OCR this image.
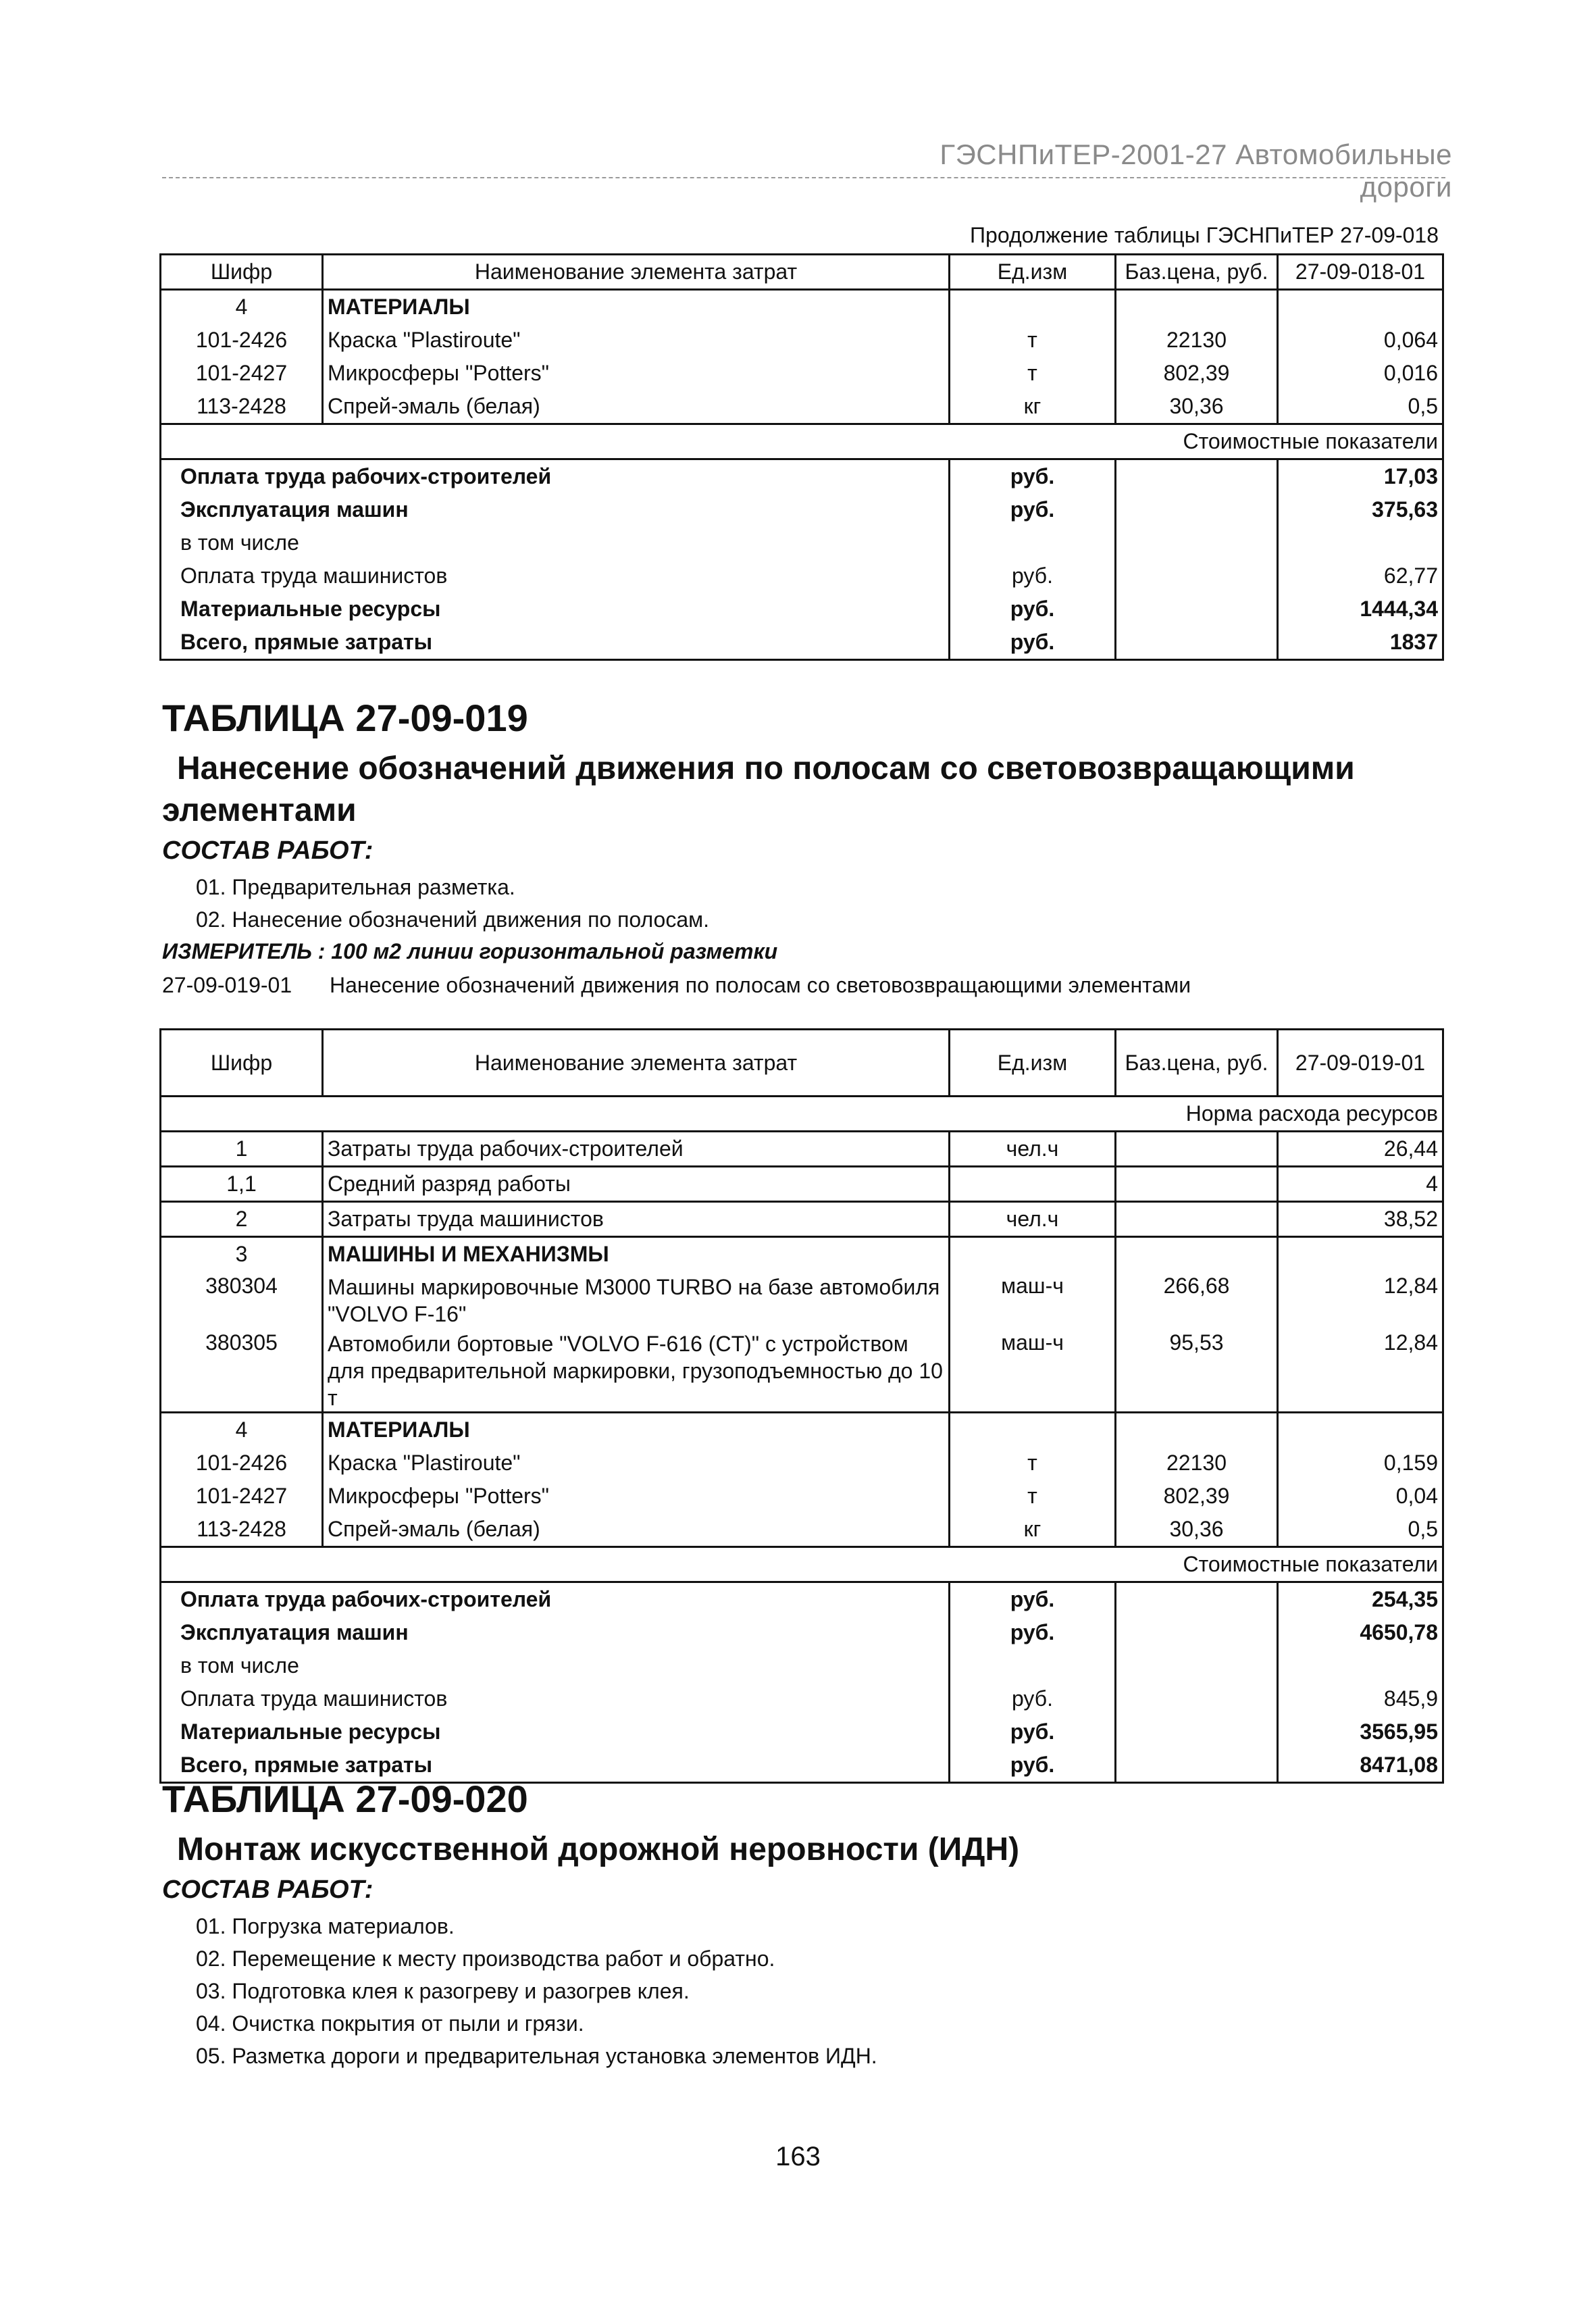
ГЭСНПиТЕР-2001-27 Автомобильные дороги
Продолжение таблицы ГЭСНПиТЕР 27-09-018
Шифр	Наименование элемента затрат	Ед.изм	Баз.цена, руб.	27-09-018-01
4	МАТЕРИАЛЫ			
101-2426	Краска "Plastiroute"	т	22130	0,064
101-2427	Микросферы "Potters"	т	802,39	0,016
113-2428	Спрей-эмаль (белая)	кг	30,36	0,5
Стоимостные показатели				
Оплата труда рабочих-строителей		руб.		17,03
Эксплуатация машин		руб.		375,63
в том числе				
Оплата труда машинистов		руб.		62,77
Материальные ресурсы		руб.		1444,34
Всего, прямые затраты		руб.		1837
ТАБЛИЦА 27-09-019
Нанесение обозначений движения по полосам со световозвращающими
элементами
СОСТАВ РАБОТ:
01. Предварительная разметка.
02. Нанесение обозначений движения по полосам.
ИЗМЕРИТЕЛЬ : 100 м2 линии горизонтальной разметки
27-09-019-01 Нанесение обозначений движения по полосам со световозвращающими элементами
Шифр	Наименование элемента затрат	Ед.изм	Баз.цена, руб.	27-09-019-01
Норма расхода ресурсов				
1	Затраты труда рабочих-строителей	чел.ч		26,44
1,1	Средний разряд работы			4
2	Затраты труда машинистов	чел.ч		38,52
3	МАШИНЫ И МЕХАНИЗМЫ			
380304	Машины маркировочные M3000 TURBO на базе автомобиля "VOLVO F-16"	маш-ч	266,68	12,84
380305	Автомобили бортовые "VOLVO F-616 (CT)" с устройством для предварительной маркировки, грузоподъемностью до 10 т	маш-ч	95,53	12,84
4	МАТЕРИАЛЫ			
101-2426	Краска "Plastiroute"	т	22130	0,159
101-2427	Микросферы "Potters"	т	802,39	0,04
113-2428	Спрей-эмаль (белая)	кг	30,36	0,5
Стоимостные показатели				
Оплата труда рабочих-строителей		руб.		254,35
Эксплуатация машин		руб.		4650,78
в том числе				
Оплата труда машинистов		руб.		845,9
Материальные ресурсы		руб.		3565,95
Всего, прямые затраты		руб.		8471,08
ТАБЛИЦА 27-09-020
Монтаж искусственной дорожной неровности (ИДН)
СОСТАВ РАБОТ:
01. Погрузка материалов.
02. Перемещение к месту производства работ и обратно.
03. Подготовка клея к разогреву и разогрев клея.
04. Очистка покрытия от пыли и грязи.
05. Разметка дороги и предварительная установка элементов ИДН.
163
